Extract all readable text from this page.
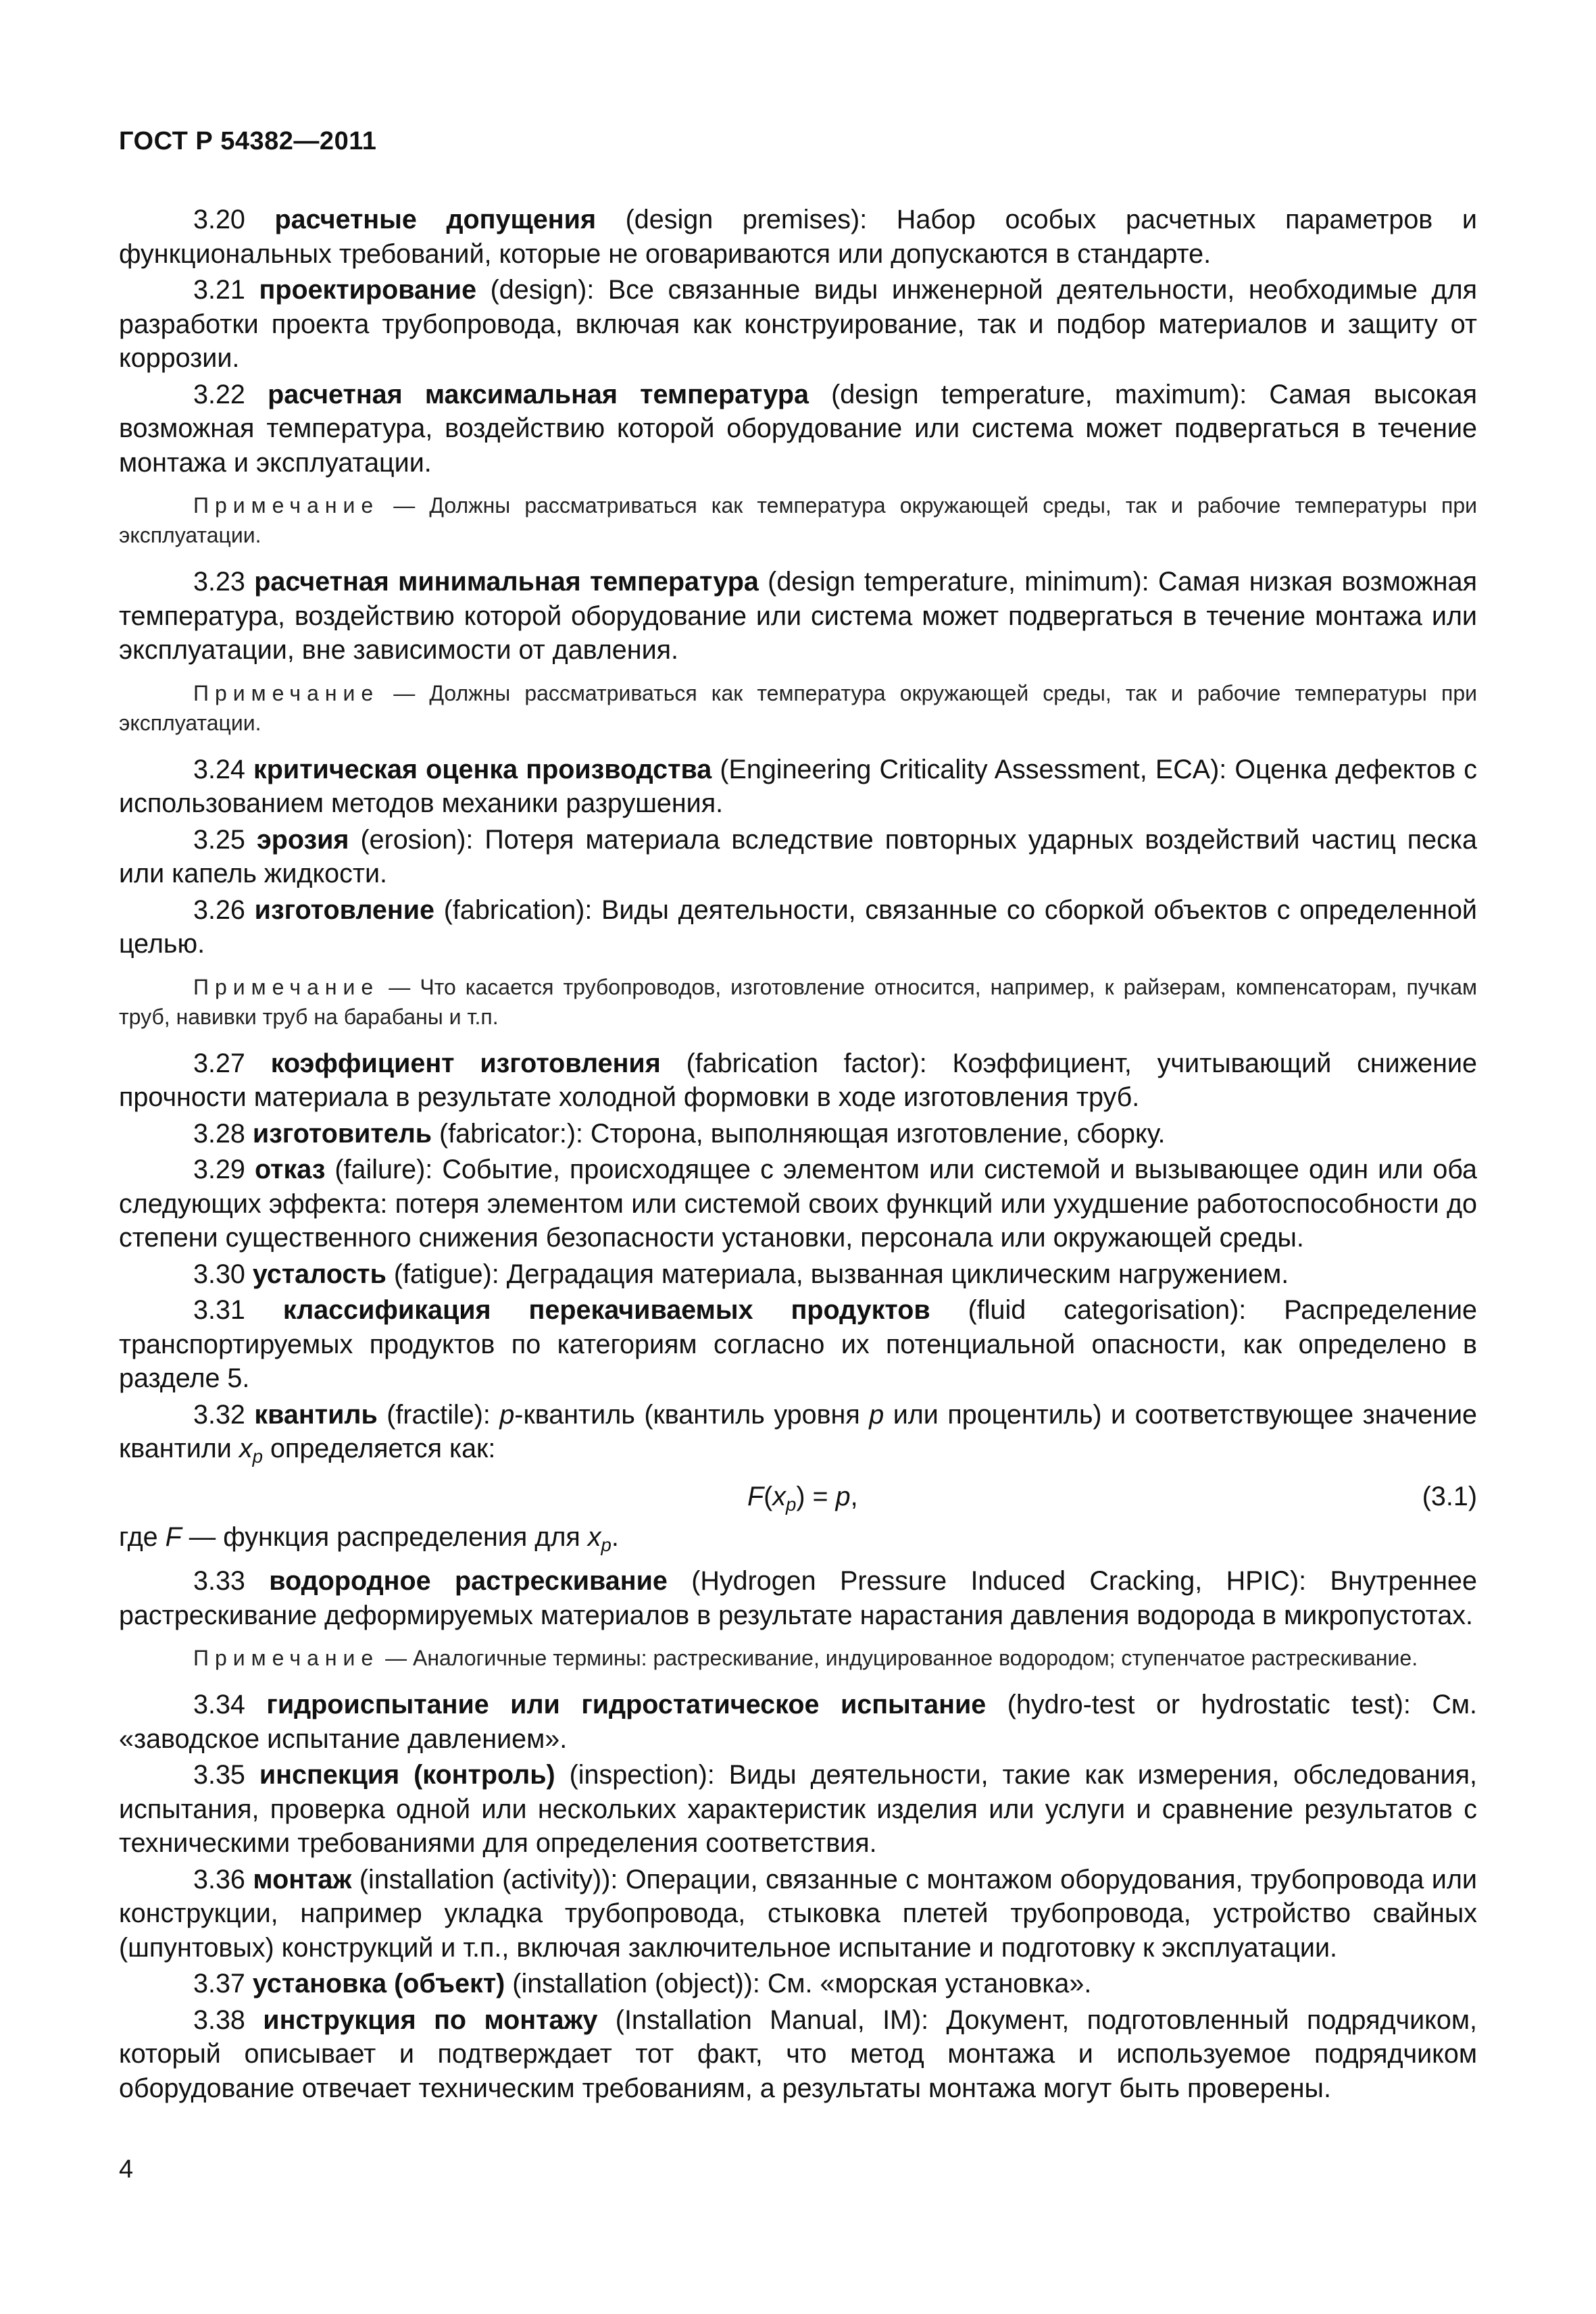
ГОСТ Р 54382—2011

3.20 расчетные допущения (design premises): Набор особых расчетных параметров и функциональных требований, которые не оговариваются или допускаются в стандарте.

3.21 проектирование (design): Все связанные виды инженерной деятельности, необходимые для разработки проекта трубопровода, включая как конструирование, так и подбор материалов и защиту от коррозии.

3.22 расчетная максимальная температура (design temperature, maximum): Самая высокая возможная температура, воздействию которой оборудование или система может подвергаться в течение монтажа и эксплуатации.

Примечание — Должны рассматриваться как температура окружающей среды, так и рабочие температуры при эксплуатации.

3.23 расчетная минимальная температура (design temperature, minimum): Самая низкая возможная температура, воздействию которой оборудование или система может подвергаться в течение монтажа или эксплуатации, вне зависимости от давления.

Примечание — Должны рассматриваться как температура окружающей среды, так и рабочие температуры при эксплуатации.

3.24 критическая оценка производства (Engineering Criticality Assessment, ECA): Оценка дефектов с использованием методов механики разрушения.

3.25 эрозия (erosion): Потеря материала вследствие повторных ударных воздействий частиц песка или капель жидкости.

3.26 изготовление (fabrication): Виды деятельности, связанные со сборкой объектов с определенной целью.

Примечание — Что касается трубопроводов, изготовление относится, например, к райзерам, компенсаторам, пучкам труб, навивки труб на барабаны и т.п.

3.27 коэффициент изготовления (fabrication factor): Коэффициент, учитывающий снижение прочности материала в результате холодной формовки в ходе изготовления труб.

3.28 изготовитель (fabricator:): Сторона, выполняющая изготовление, сборку.

3.29 отказ (failure): Событие, происходящее с элементом или системой и вызывающее один или оба следующих эффекта: потеря элементом или системой своих функций или ухудшение работоспособности до степени существенного снижения безопасности установки, персонала или окружающей среды.

3.30 усталость (fatigue): Деградация материала, вызванная циклическим нагружением.

3.31 классификация перекачиваемых продуктов (fluid categorisation): Распределение транспортируемых продуктов по категориям согласно их потенциальной опасности, как определено в разделе 5.

3.32 квантиль (fractile): p-квантиль (квантиль уровня p или процентиль) и соответствующее значение квантили $x_p$ определяется как:

$F(x_p) = p$,	(3.1)

где F — функция распределения для $x_p$.

3.33 водородное растрескивание (Hydrogen Pressure Induced Cracking, HPIC): Внутреннее растрескивание деформируемых материалов в результате нарастания давления водорода в микропустотах.

Примечание — Аналогичные термины: растрескивание, индуцированное водородом; ступенчатое растрескивание.

3.34 гидроиспытание или гидростатическое испытание (hydro-test or hydrostatic test): См. «заводское испытание давлением».

3.35 инспекция (контроль) (inspection): Виды деятельности, такие как измерения, обследования, испытания, проверка одной или нескольких характеристик изделия или услуги и сравнение результатов с техническими требованиями для определения соответствия.

3.36 монтаж (installation (activity)): Операции, связанные с монтажом оборудования, трубопровода или конструкции, например укладка трубопровода, стыковка плетей трубопровода, устройство свайных (шпунтовых) конструкций и т.п., включая заключительное испытание и подготовку к эксплуатации.

3.37 установка (объект) (installation (object)): См. «морская установка».

3.38 инструкция по монтажу (Installation Manual, IM): Документ, подготовленный подрядчиком, который описывает и подтверждает тот факт, что метод монтажа и используемое подрядчиком оборудование отвечает техническим требованиям, а результаты монтажа могут быть проверены.

4
